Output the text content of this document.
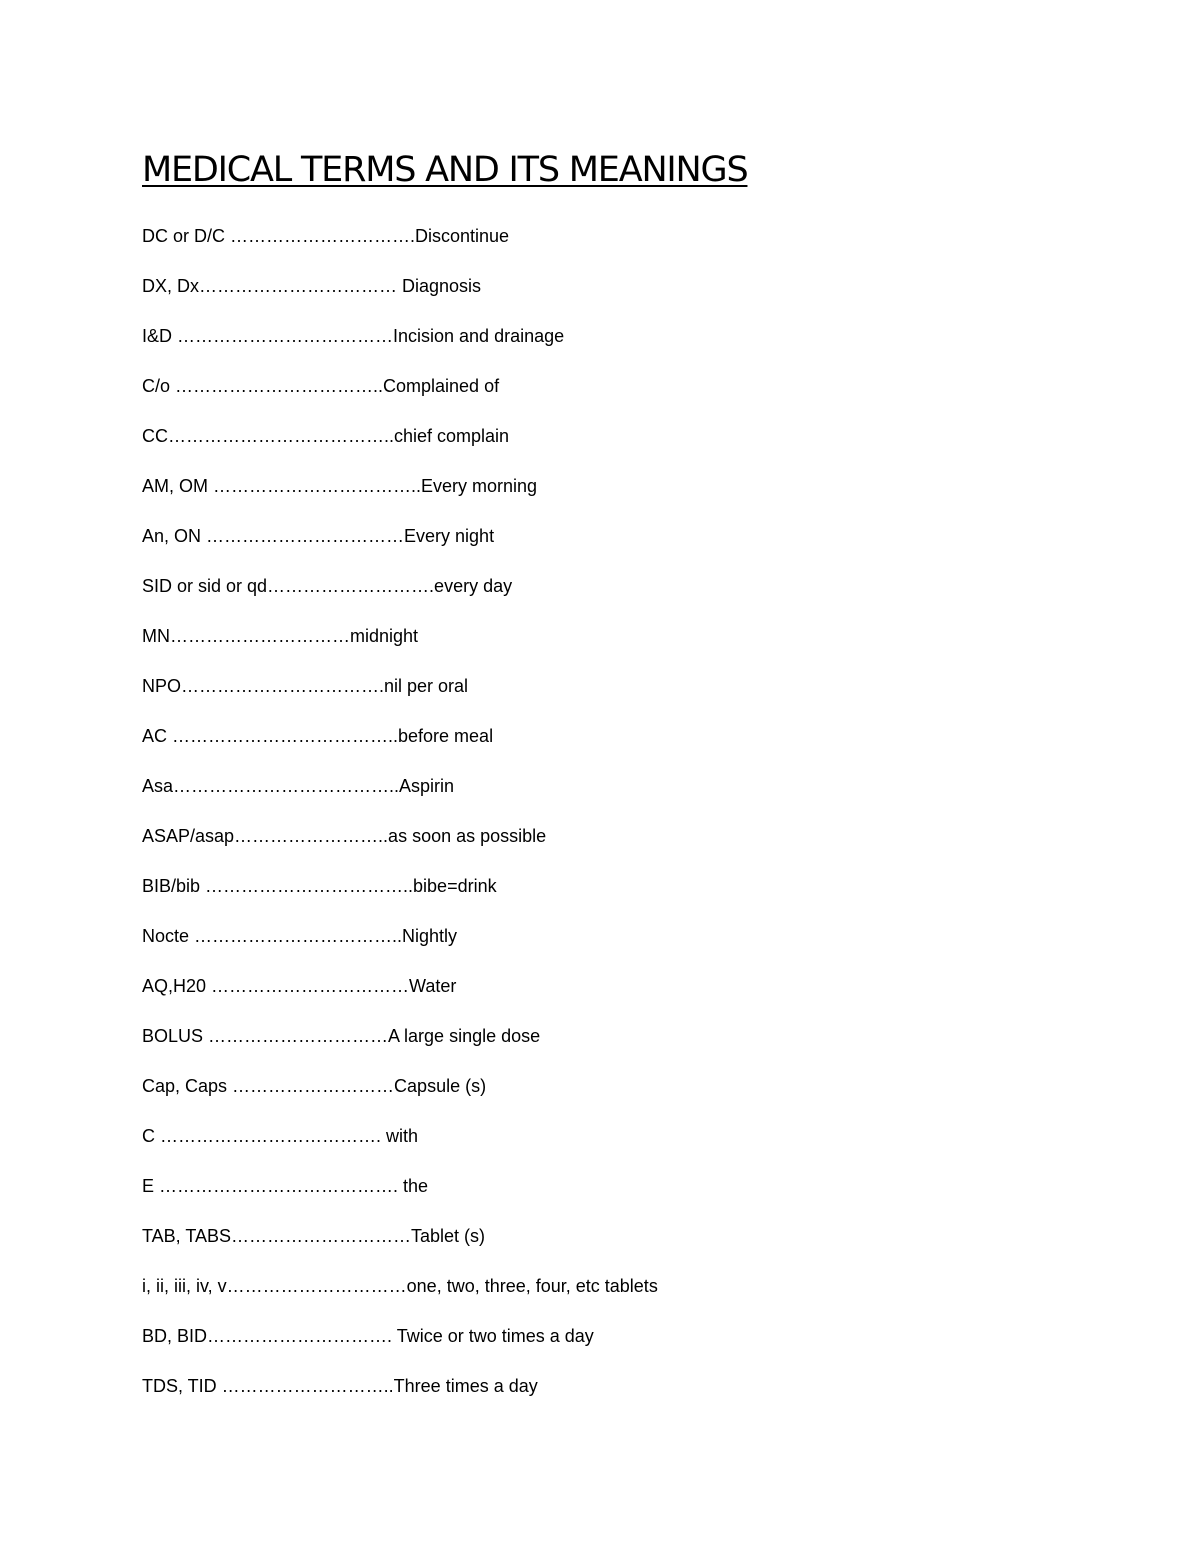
MEDICAL TERMS AND ITS MEANINGS
DC or D/C ………………………….Discontinue
DX, Dx…………………………… Diagnosis
I&D ………………………………Incision and drainage
C/o ……………………………..Complained of
CC………………………………..chief complain
AM, OM ……………………………..Every morning
An, ON ……………………………Every night
SID or sid or qd……………………….every day
MN…………………………midnight
NPO…………………………….nil per oral
AC ………………………………..before meal
Asa………………………………..Aspirin
ASAP/asap……………………..as soon as possible
BIB/bib ……………………………..bibe=drink
Nocte ……………………………..Nightly
AQ,H20 ……………………………Water
BOLUS …………………………A large single dose
Cap, Caps ………………………Capsule (s)
C ………………………………. with
E …………………………………. the
TAB, TABS…………………………Tablet (s)
i, ii, iii, iv, v…………………………one, two, three, four, etc tablets
BD, BID…………………………. Twice or two times a day
TDS, TID ………………………..Three times a day
